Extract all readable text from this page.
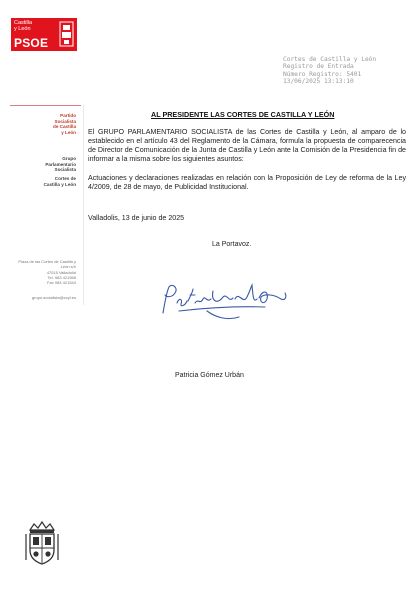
Castilla
y León
PSOE
Cortes de Castilla y León
Registro de Entrada
Número Registro: 5401
13/06/2025 13:13:10
Partido
Socialista
de Castilla
y León
Grupo
Parlamentario
Socialista
Cortes de
Castilla y León
Plaza de las Cortes de Castilla y
León s/n
47015 Valladolid
Tel. 983 421568
Fax 983 421544
grupo.socialista@ccyl.es
AL PRESIDENTE LAS CORTES DE CASTILLA Y LEÓN
El GRUPO PARLAMENTARIO SOCIALISTA de las Cortes de Castilla y León, al amparo de lo establecido en el artículo 43 del Reglamento de la Cámara, formula la propuesta de comparecencia de Director de Comunicación de la Junta de Castilla y León ante la Comisión de la Presidencia fin de informar a la misma sobre los siguientes asuntos:
Actuaciones y declaraciones realizadas en relación con la Proposición de Ley de reforma de la Ley 4/2009, de 28 de mayo, de Publicidad Institucional.
Valladolis, 13 de junio de 2025
La Portavoz.
Patricia Gómez Urbán
